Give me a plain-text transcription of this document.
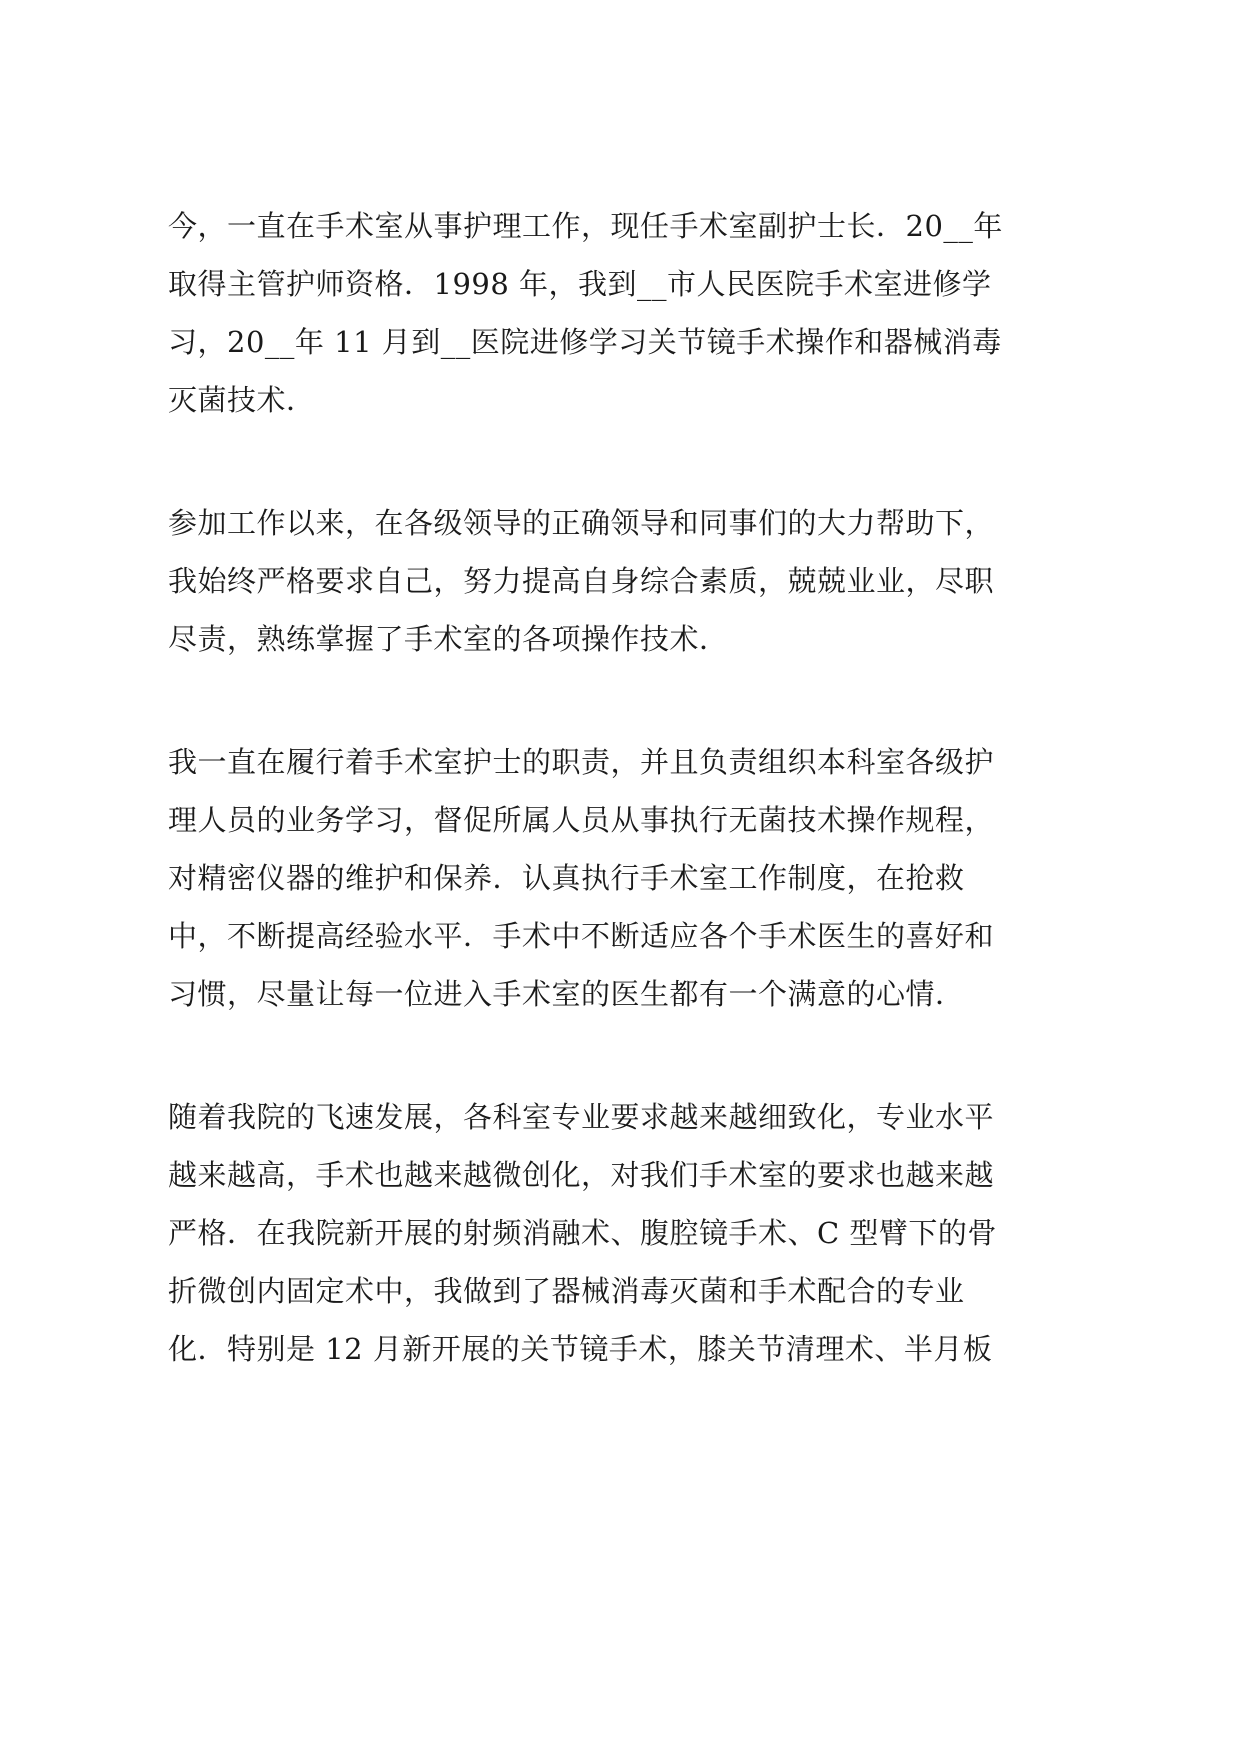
今，一直在手术室从事护理工作，现任手术室副护士长．20__年
取得主管护师资格．1998 年，我到__市人民医院手术室进修学
习，20__年 11 月到__医院进修学习关节镜手术操作和器械消毒
灭菌技术．
参加工作以来，在各级领导的正确领导和同事们的大力帮助下，
我始终严格要求自己，努力提高自身综合素质，兢兢业业，尽职
尽责，熟练掌握了手术室的各项操作技术．
我一直在履行着手术室护士的职责，并且负责组织本科室各级护
理人员的业务学习，督促所属人员从事执行无菌技术操作规程，
对精密仪器的维护和保养．认真执行手术室工作制度，在抢救
中，不断提高经验水平．手术中不断适应各个手术医生的喜好和
习惯，尽量让每一位进入手术室的医生都有一个满意的心情．
随着我院的飞速发展，各科室专业要求越来越细致化，专业水平
越来越高，手术也越来越微创化，对我们手术室的要求也越来越
严格．在我院新开展的射频消融术、腹腔镜手术、C 型臂下的骨
折微创内固定术中，我做到了器械消毒灭菌和手术配合的专业
化．特别是 12 月新开展的关节镜手术，膝关节清理术、半月板
